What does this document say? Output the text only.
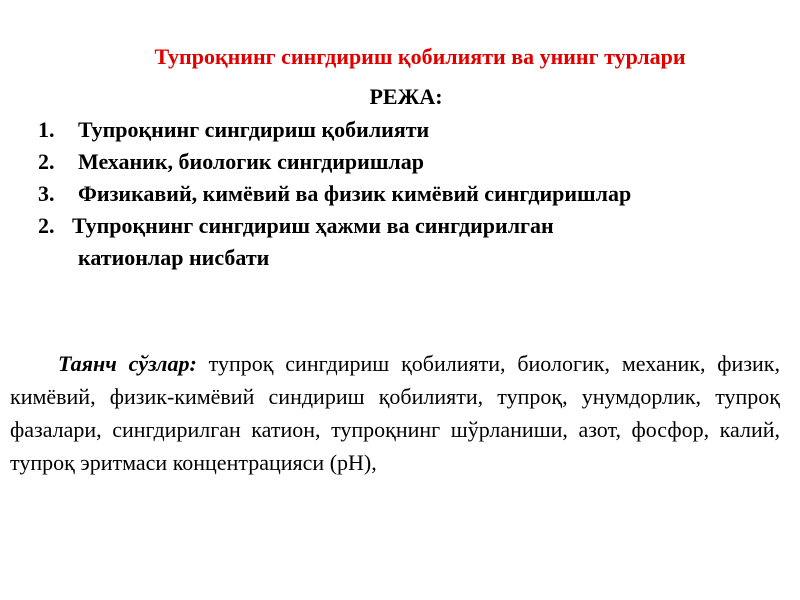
Тупроқнинг сингдириш қобилияти ва унинг турлари
РЕЖА:
1.	Тупроқнинг сингдириш қобилияти
2.	Механик, биологик сингдиришлар
3.	Физикавий, кимёвий ва физик кимёвий сингдиришлар
2. Тупроқнинг сингдириш ҳажми ва сингдирилган
катионлар нисбати
Таянч сўзлар: тупроқ сингдириш қобилияти, биологик, механик, физик, кимёвий, физик-кимёвий синдириш қобилияти, тупроқ, унумдорлик, тупроқ фазалари, сингдирилган катион, тупроқнинг шўрланиши, азот, фосфор, калий, тупроқ эритмаси концентрацияси (рН),
